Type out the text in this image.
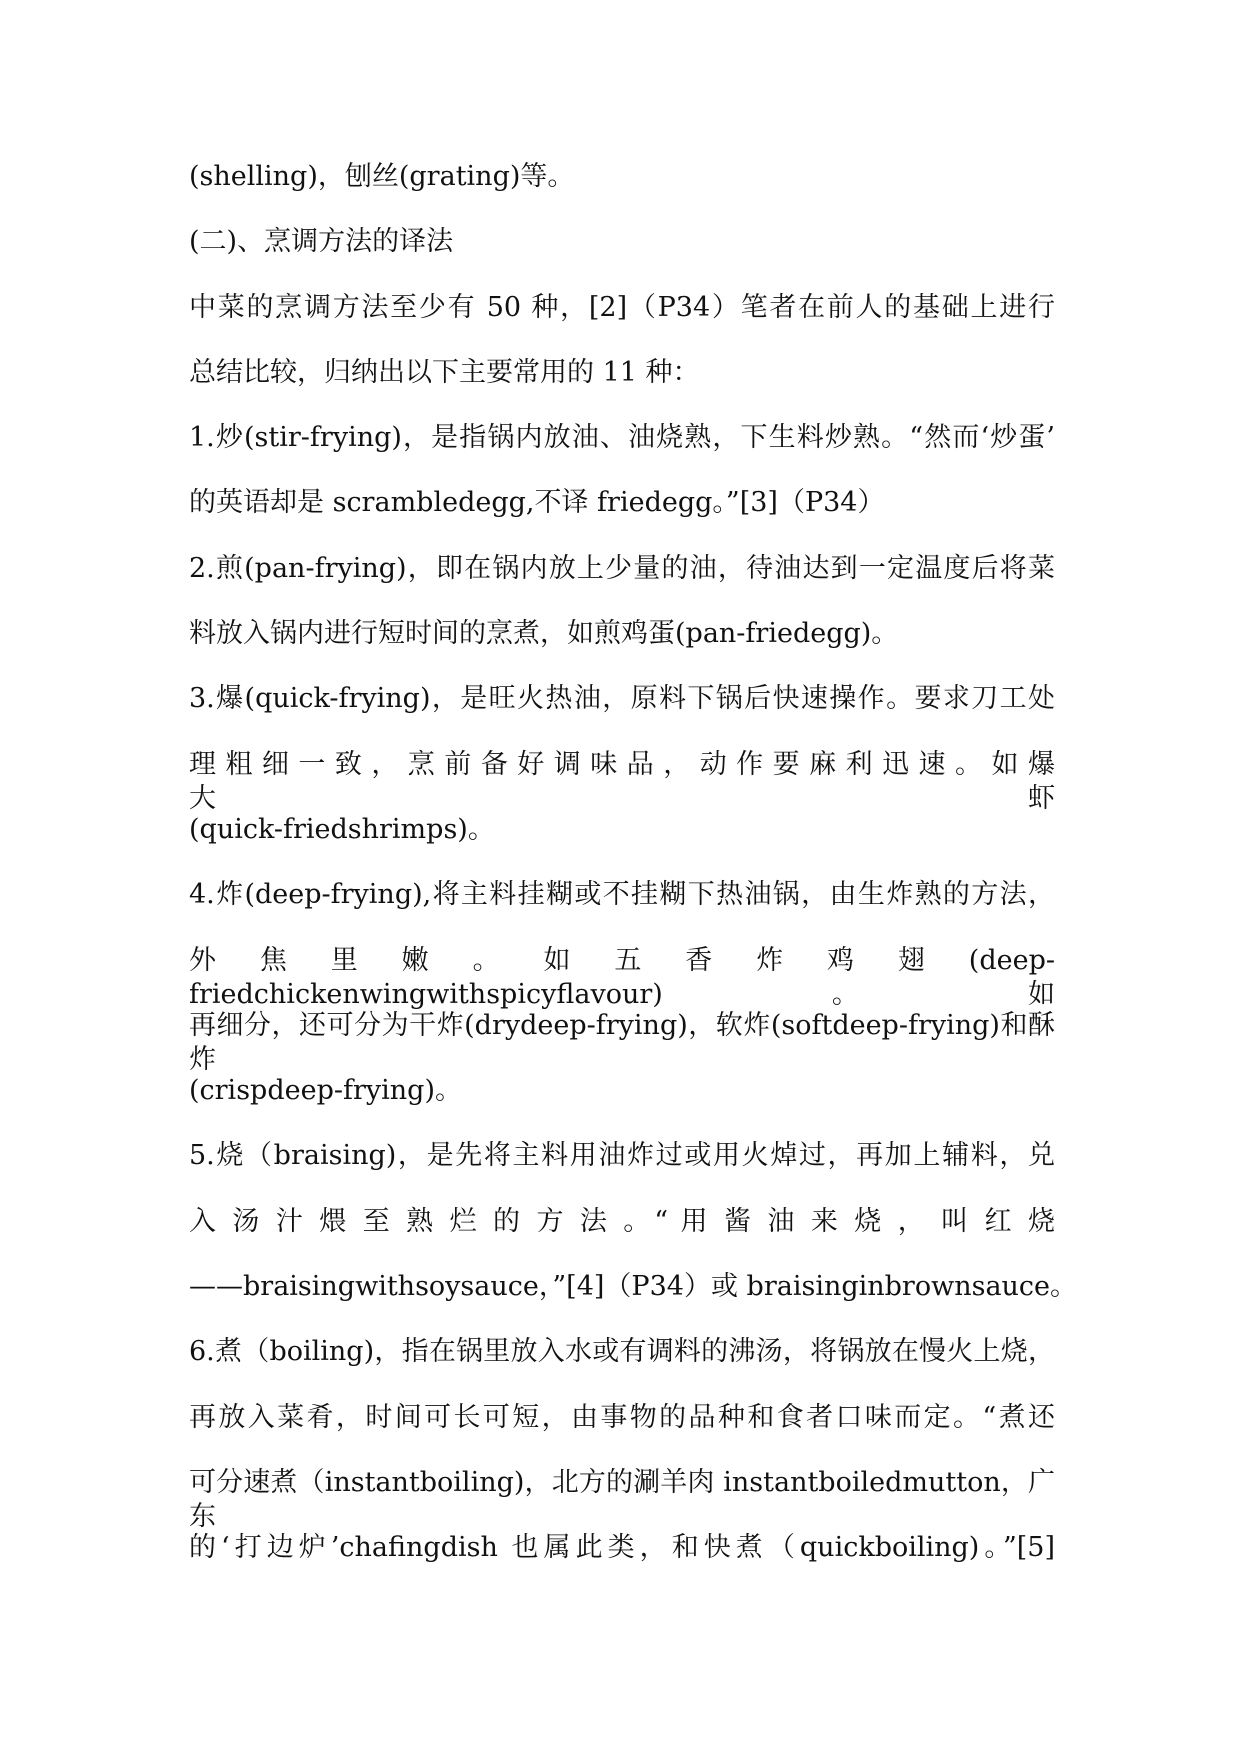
(shelling)，刨丝(grating)等。
(二)、烹调方法的译法
中菜的烹调方法至少有 50 种，[2]（P34）笔者在前人的基础上进行
总结比较，归纳出以下主要常用的 11 种：
1.炒(stir-frying)，是指锅内放油、油烧熟，下生料炒熟。“然而‘炒蛋’
的英语却是 scrambledegg,不译 friedegg。”[3]（P34）
2.煎(pan-frying)，即在锅内放上少量的油，待油达到一定温度后将菜
料放入锅内进行短时间的烹煮，如煎鸡蛋(pan-friedegg)。
3.爆(quick-frying)，是旺火热油，原料下锅后快速操作。要求刀工处
理 粗 细 一 致 ， 烹 前 备 好 调 味 品 ， 动 作 要 麻 利 迅 速 。 如 爆 大 虾
(quick-friedshrimps)。
4.炸(deep-frying),将主料挂糊或不挂糊下热油锅，由生炸熟的方法，
外焦里嫩。如五香炸鸡翅(deep-friedchickenwingwithspicyflavour)。如
再细分，还可分为干炸(drydeep-frying)，软炸(softdeep-frying)和酥炸
(crispdeep-frying)。
5.烧（braising)，是先将主料用油炸过或用火焯过，再加上辅料，兑
入 汤 汁 煨 至 熟 烂 的 方 法 。“ 用 酱 油 来 烧 ， 叫 红 烧
——braisingwithsoysauce，”[4]（P34）或 braisinginbrownsauce。
6.煮（boiling)，指在锅里放入水或有调料的沸汤，将锅放在慢火上烧，
再放入菜肴，时间可长可短，由事物的品种和食者口味而定。“煮还
可分速煮（instantboiling)，北方的涮羊肉 instantboiledmutton，广东
的‘打边炉’chafingdish 也属此类，和快煮（quickboiling)。”[5]
